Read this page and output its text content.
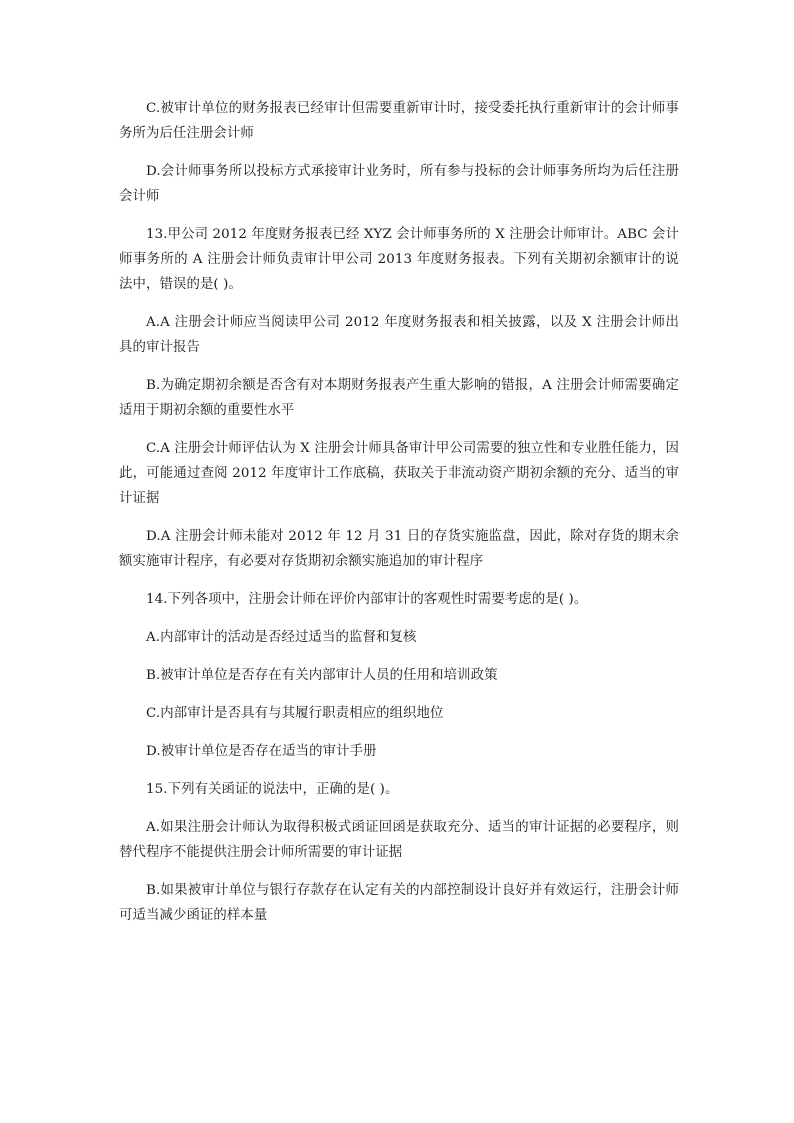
C.被审计单位的财务报表已经审计但需要重新审计时，接受委托执行重新审计的会计师事务所为后任注册会计师

D.会计师事务所以投标方式承接审计业务时，所有参与投标的会计师事务所均为后任注册会计师

13.甲公司 2012 年度财务报表已经 XYZ 会计师事务所的 X 注册会计师审计。ABC 会计师事务所的 A 注册会计师负责审计甲公司 2013 年度财务报表。下列有关期初余额审计的说法中，错误的是( )。

A.A 注册会计师应当阅读甲公司 2012 年度财务报表和相关披露，以及 X 注册会计师出具的审计报告

B.为确定期初余额是否含有对本期财务报表产生重大影响的错报，A 注册会计师需要确定适用于期初余额的重要性水平

C.A 注册会计师评估认为 X 注册会计师具备审计甲公司需要的独立性和专业胜任能力，因此，可能通过查阅 2012 年度审计工作底稿，获取关于非流动资产期初余额的充分、适当的审计证据

D.A 注册会计师未能对 2012 年 12 月 31 日的存货实施监盘，因此，除对存货的期末余额实施审计程序，有必要对存货期初余额实施追加的审计程序

14.下列各项中，注册会计师在评价内部审计的客观性时需要考虑的是( )。

A.内部审计的活动是否经过适当的监督和复核

B.被审计单位是否存在有关内部审计人员的任用和培训政策

C.内部审计是否具有与其履行职责相应的组织地位

D.被审计单位是否存在适当的审计手册

15.下列有关函证的说法中，正确的是( )。

A.如果注册会计师认为取得积极式函证回函是获取充分、适当的审计证据的必要程序，则替代程序不能提供注册会计师所需要的审计证据

B.如果被审计单位与银行存款存在认定有关的内部控制设计良好并有效运行，注册会计师可适当减少函证的样本量
